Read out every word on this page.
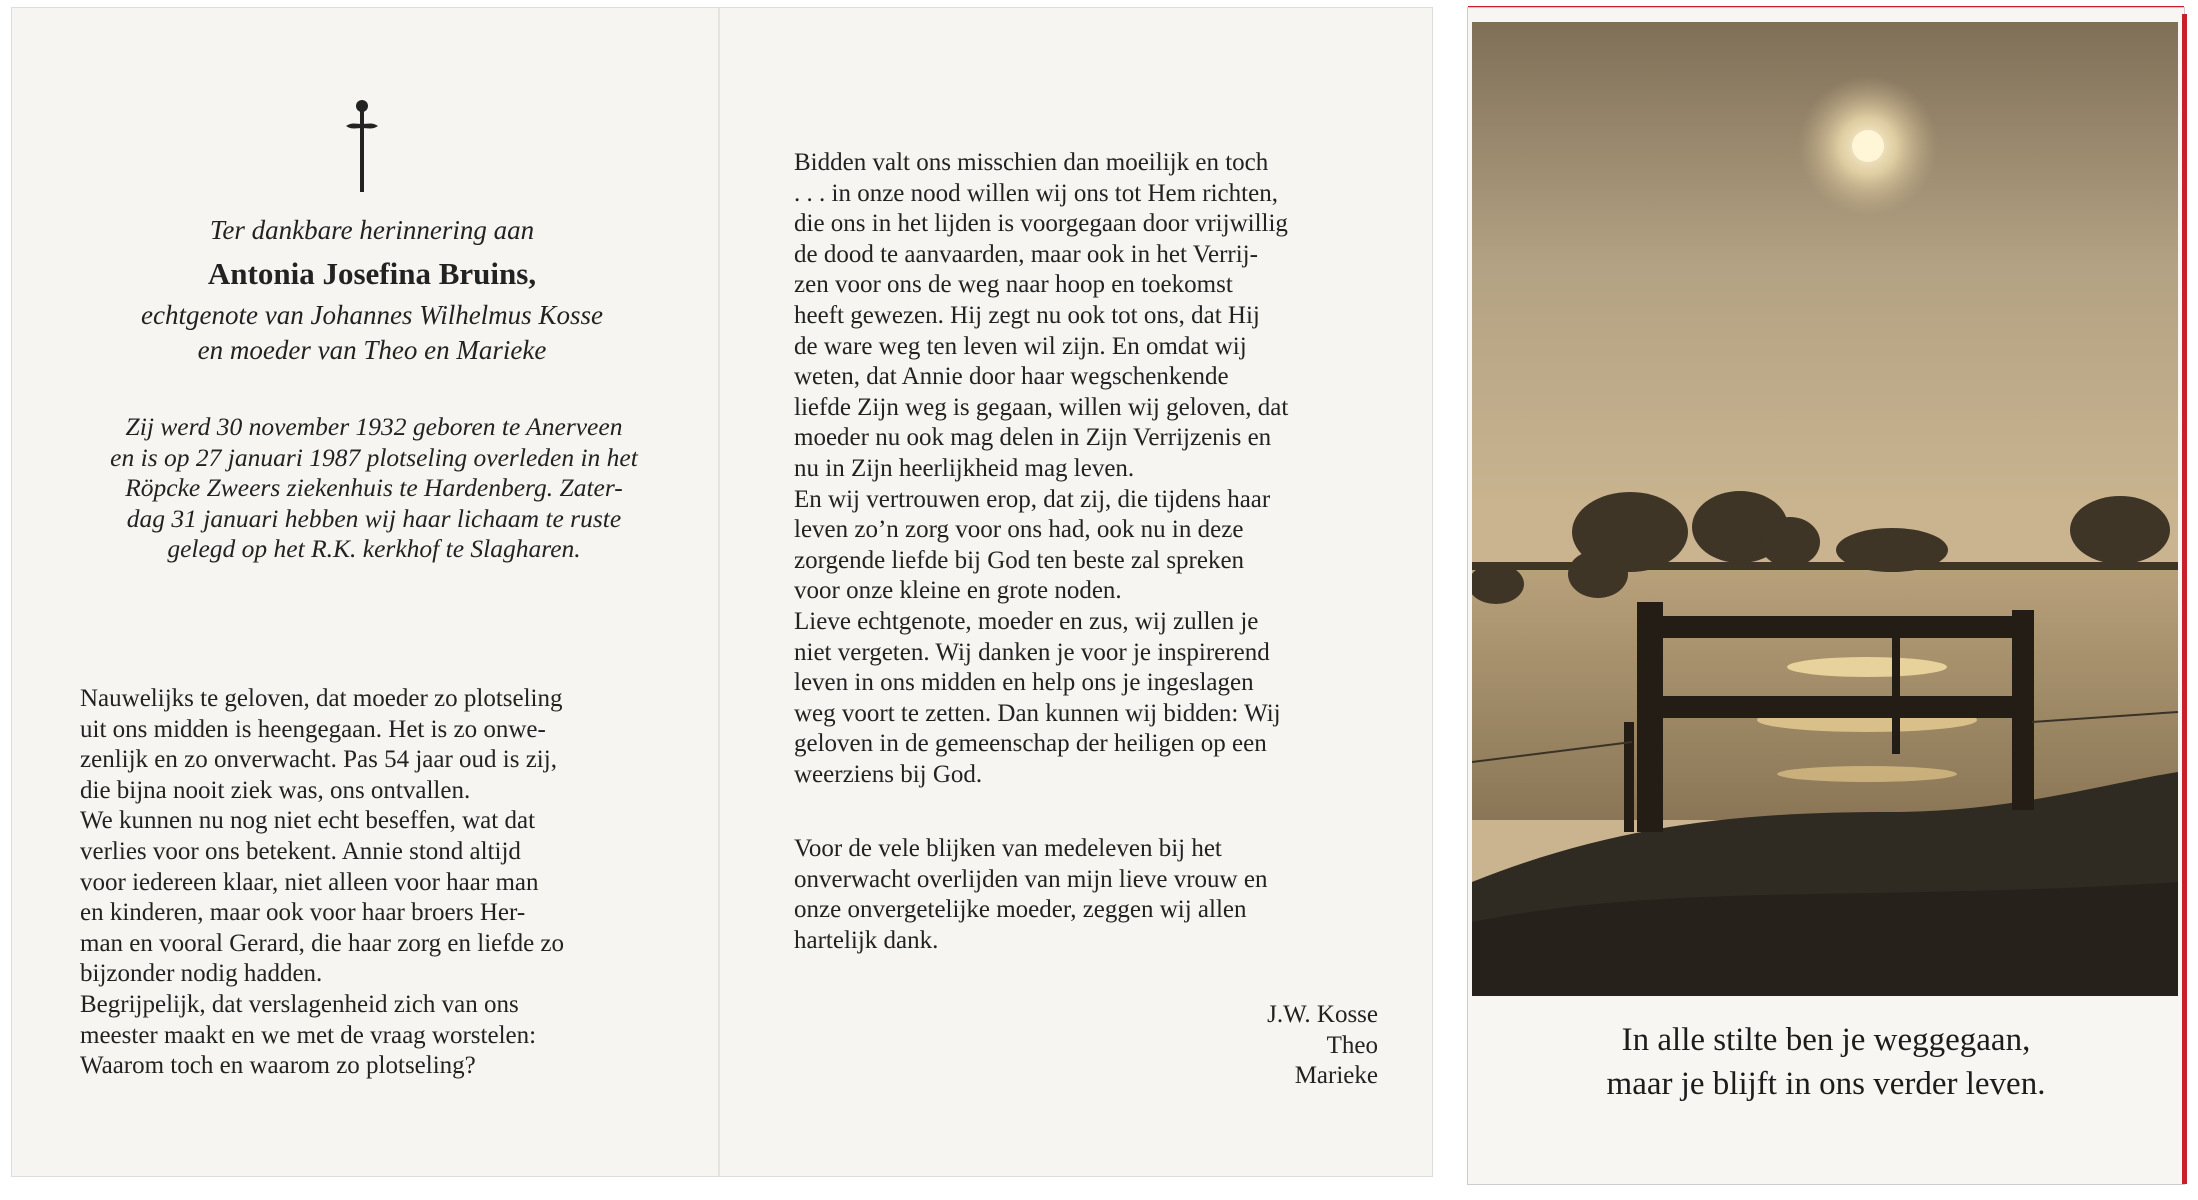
Ter dankbare herinnering aan
Antonia Josefina Bruins,
echtgenote van Johannes Wilhelmus Kosse
en moeder van Theo en Marieke
Zij werd 30 november 1932 geboren te Anerveen
en is op 27 januari 1987 plotseling overleden in het
Röpcke Zweers ziekenhuis te Hardenberg. Zater-
dag 31 januari hebben wij haar lichaam te ruste
gelegd op het R.K. kerkhof te Slagharen.
Nauwelijks te geloven, dat moeder zo plotseling
uit ons midden is heengegaan. Het is zo onwe-
zenlijk en zo onverwacht. Pas 54 jaar oud is zij,
die bijna nooit ziek was, ons ontvallen.
We kunnen nu nog niet echt beseffen, wat dat
verlies voor ons betekent. Annie stond altijd
voor iedereen klaar, niet alleen voor haar man
en kinderen, maar ook voor haar broers Her-
man en vooral Gerard, die haar zorg en liefde zo
bijzonder nodig hadden.
Begrijpelijk, dat verslagenheid zich van ons
meester maakt en we met de vraag worstelen:
Waarom toch en waarom zo plotseling?
Bidden valt ons misschien dan moeilijk en toch
. . . in onze nood willen wij ons tot Hem richten,
die ons in het lijden is voorgegaan door vrijwillig
de dood te aanvaarden, maar ook in het Verrij-
zen voor ons de weg naar hoop en toekomst
heeft gewezen. Hij zegt nu ook tot ons, dat Hij
de ware weg ten leven wil zijn. En omdat wij
weten, dat Annie door haar wegschenkende
liefde Zijn weg is gegaan, willen wij geloven, dat
moeder nu ook mag delen in Zijn Verrijzenis en
nu in Zijn heerlijkheid mag leven.
En wij vertrouwen erop, dat zij, die tijdens haar
leven zo’n zorg voor ons had, ook nu in deze
zorgende liefde bij God ten beste zal spreken
voor onze kleine en grote noden.
Lieve echtgenote, moeder en zus, wij zullen je
niet vergeten. Wij danken je voor je inspirerend
leven in ons midden en help ons je ingeslagen
weg voort te zetten. Dan kunnen wij bidden: Wij
geloven in de gemeenschap der heiligen op een
weerziens bij God.
Voor de vele blijken van medeleven bij het
onverwacht overlijden van mijn lieve vrouw en
onze onvergetelijke moeder, zeggen wij allen
hartelijk dank.
J.W. Kosse
Theo
Marieke
In alle stilte ben je weggegaan,
maar je blijft in ons verder leven.
